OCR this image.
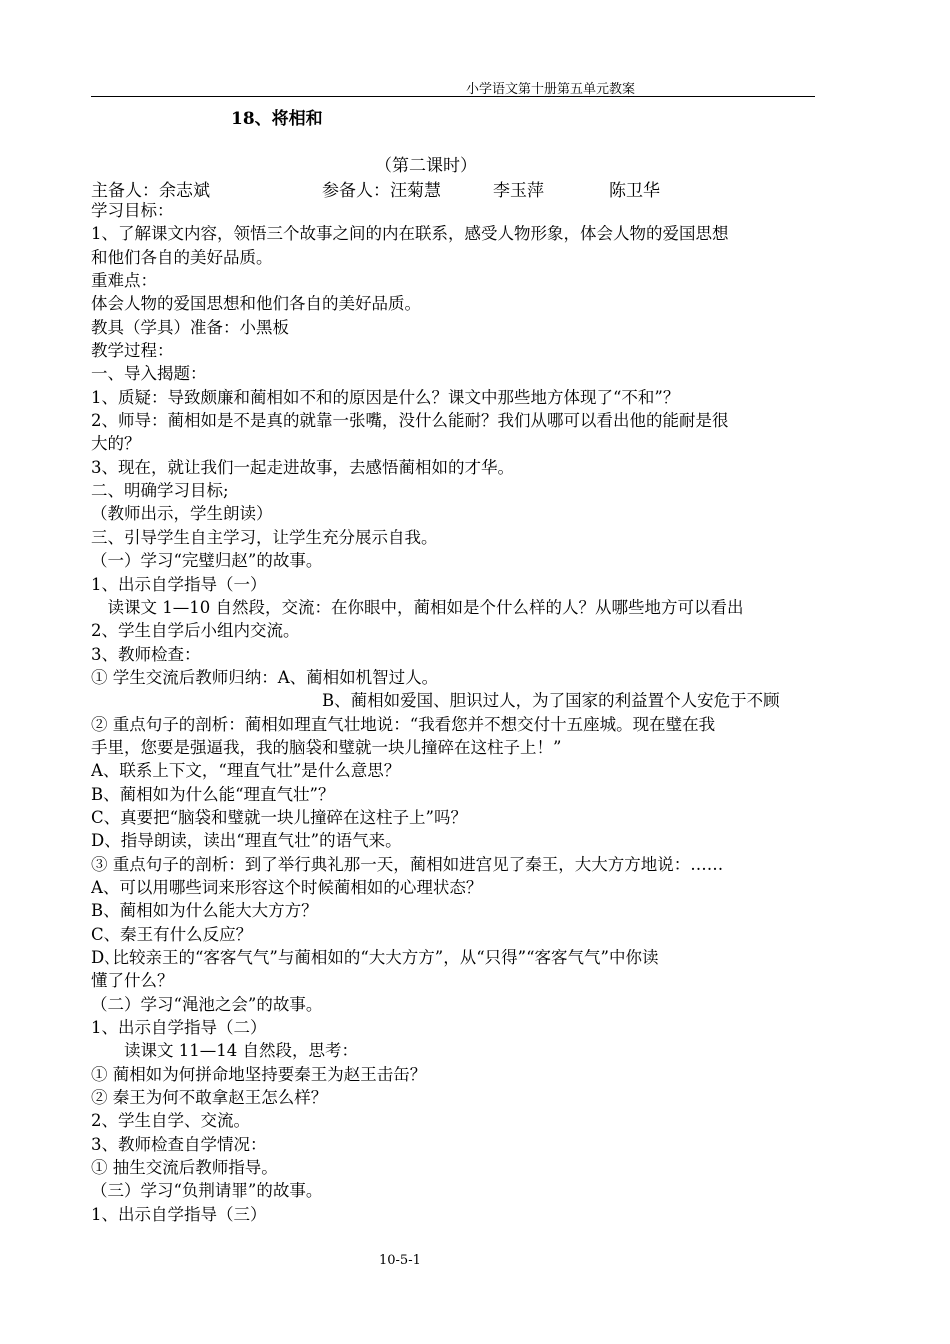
小学语文第十册第五单元教案
18、将相和
（第二课时）
主备人：余志斌	参备人：汪菊慧	李玉萍	陈卫华
学习目标：
1、了解课文内容，领悟三个故事之间的内在联系，感受人物形象，体会人物的爱国思想
和他们各自的美好品质。
重难点：
体会人物的爱国思想和他们各自的美好品质。
教具（学具）准备：小黑板
教学过程：
一、导入揭题：
1、质疑：导致颇廉和蔺相如不和的原因是什么？课文中那些地方体现了“不和”？
2、师导：蔺相如是不是真的就靠一张嘴，没什么能耐？我们从哪可以看出他的能耐是很
大的？
3、现在，就让我们一起走进故事，去感悟蔺相如的才华。
二、明确学习目标;
（教师出示，学生朗读）
三、引导学生自主学习，让学生充分展示自我。
（一）学习“完璧归赵”的故事。
1、出示自学指导（一）
　读课文 1—10 自然段，交流：在你眼中，蔺相如是个什么样的人？从哪些地方可以看出
2、学生自学后小组内交流。
3、教师检查：
① 学生交流后教师归纳：A、蔺相如机智过人。
　　　　　　　　　　　　　　B、蔺相如爱国、胆识过人，为了国家的利益置个人安危于不顾
② 重点句子的剖析：蔺相如理直气壮地说：“我看您并不想交付十五座城。现在璧在我
手里，您要是强逼我，我的脑袋和璧就一块儿撞碎在这柱子上！”
A、联系上下文，“理直气壮”是什么意思？
B、蔺相如为什么能“理直气壮”？
C、真要把“脑袋和璧就一块儿撞碎在这柱子上”吗？
D、指导朗读，读出“理直气壮”的语气来。
③ 重点句子的剖析：到了举行典礼那一天，蔺相如进宫见了秦王，大大方方地说：……
A、可以用哪些词来形容这个时候蔺相如的心理状态？
B、蔺相如为什么能大大方方？
C、秦王有什么反应？
D､比较亲王的“客客气气”与蔺相如的“大大方方”，从“只得”“客客气气”中你读
懂了什么？
（二）学习“渑池之会”的故事。
1、出示自学指导（二）
　　读课文 11—14 自然段，思考：
① 蔺相如为何拼命地坚持要秦王为赵王击缶？
② 秦王为何不敢拿赵王怎么样？
2、学生自学、交流。
3、教师检查自学情况：
① 抽生交流后教师指导。
（三）学习“负荆请罪”的故事。
1、出示自学指导（三）
10-5-1
